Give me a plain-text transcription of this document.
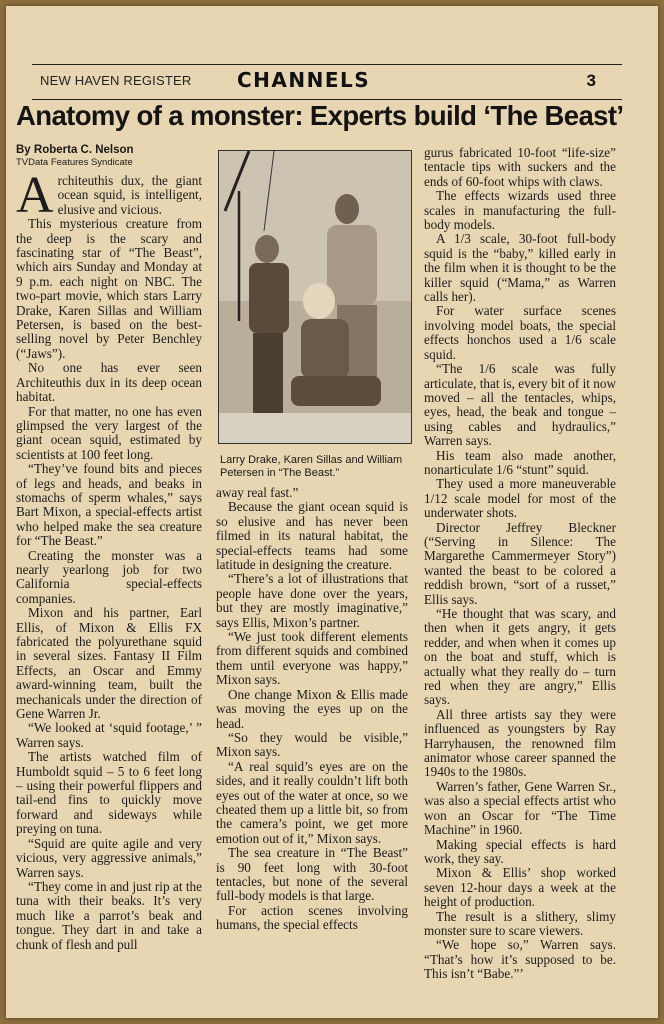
NEW HAVEN REGISTER CHANNELS	3
Anatomy of a monster: Experts build ‘The Beast’
By Roberta C. Nelson
TVData Features Syndicate
A rchiteuthis dux, the giant ocean squid, is intelligent, elusive and vicious.

This mysterious creature from the deep is the scary and fascinating star of “The Beast”, which airs Sunday and Monday at 9 p.m. each night on NBC. The two-part movie, which stars Larry Drake, Karen Sillas and William Petersen, is based on the best-selling novel by Peter Benchley (“Jaws”).

No one has ever seen Architeuthis dux in its deep ocean habitat.

For that matter, no one has even glimpsed the very largest of the giant ocean squid, estimated by scientists at 100 feet long.

“They’ve found bits and pieces of legs and heads, and beaks in stomachs of sperm whales,” says Bart Mixon, a special-effects artist who helped make the sea creature for “The Beast.”

Creating the monster was a nearly yearlong job for two California special-effects companies.

Mixon and his partner, Earl Ellis, of Mixon & Ellis FX fabricated the polyurethane squid in several sizes. Fantasy II Film Effects, an Oscar and Emmy award-winning team, built the mechanicals under the direction of Gene Warren Jr.

“We looked at ‘squid footage,’ ” Warren says.

The artists watched film of Humboldt squid – 5 to 6 feet long – using their powerful flippers and tail-end fins to quickly move forward and sideways while preying on tuna.

“Squid are quite agile and very vicious, very aggressive animals,” Warren says.

“They come in and just rip at the tuna with their beaks. It’s very much like a parrot’s beak and tongue. They dart in and take a chunk of flesh and pull

Larry Drake, Karen Sillas and William Petersen in “The Beast.”

away real fast.”

Because the giant ocean squid is so elusive and has never been filmed in its natural habitat, the special-effects teams had some latitude in designing the creature.

“There’s a lot of illustrations that people have done over the years, but they are mostly imaginative,” says Ellis, Mixon’s partner.

“We just took different elements from different squids and combined them until everyone was happy,” Mixon says.

One change Mixon & Ellis made was moving the eyes up on the head.

“So they would be visible,” Mixon says.

“A real squid’s eyes are on the sides, and it really couldn’t lift both eyes out of the water at once, so we cheated them up a little bit, so from the camera’s point, we get more emotion out of it,” Mixon says.

The sea creature in “The Beast” is 90 feet long with 30-foot tentacles, but none of the several full-body models is that large.

For action scenes involving humans, the special effects

gurus fabricated 10-foot “life-size” tentacle tips with suckers and the ends of 60-foot whips with claws.

The effects wizards used three scales in manufacturing the full-body models.

A 1/3 scale, 30-foot full-body squid is the “baby,” killed early in the film when it is thought to be the killer squid (“Mama,” as Warren calls her).

For water surface scenes involving model boats, the special effects honchos used a 1/6 scale squid.

“The 1/6 scale was fully articulate, that is, every bit of it now moved – all the tentacles, whips, eyes, head, the beak and tongue – using cables and hydraulics,” Warren says.

His team also made another, nonarticulate 1/6 “stunt” squid.

They used a more maneuverable 1/12 scale model for most of the underwater shots.

Director Jeffrey Bleckner (“Serving in Silence: The Margarethe Cammermeyer Story”) wanted the beast to be colored a reddish brown, “sort of a russet,” Ellis says.

“He thought that was scary, and then when it gets angry, it gets redder, and when when it comes up on the boat and stuff, which is actually what they really do – turn red when they are angry,” Ellis says.

All three artists say they were influenced as youngsters by Ray Harryhausen, the renowned film animator whose career spanned the 1940s to the 1980s.

Warren’s father, Gene Warren Sr., was also a special effects artist who won an Oscar for “The Time Machine” in 1960.

Making special effects is hard work, they say.

Mixon & Ellis’ shop worked seven 12-hour days a week at the height of production.

The result is a slithery, slimy monster sure to scare viewers.

“We hope so,” Warren says. “That’s how it’s supposed to be. This isn’t “Babe.”’
